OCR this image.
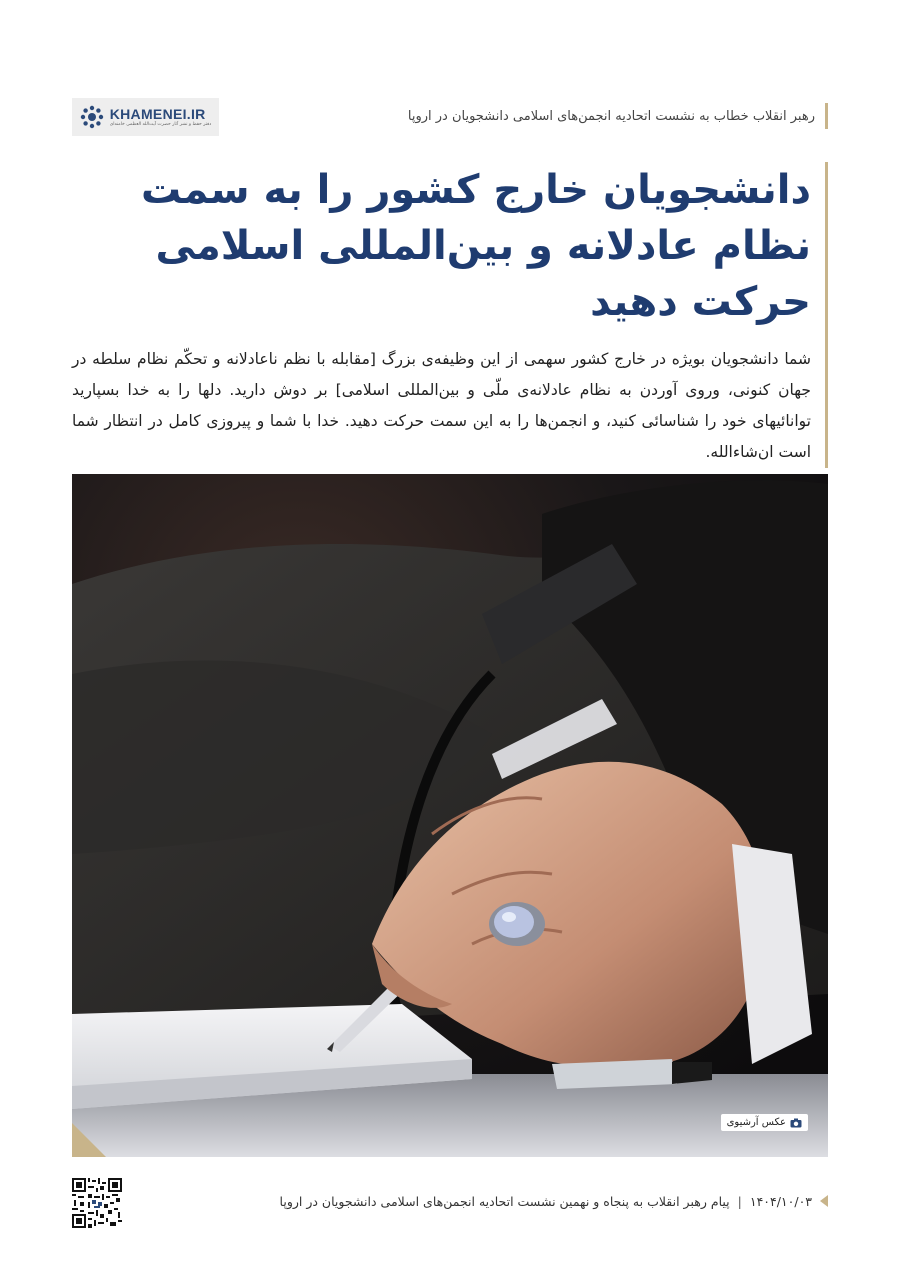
رهبر انقلاب خطاب به نشست اتحادیه انجمن‌های اسلامی دانشجویان در اروپا
KHAMENEI.IR
دفتر حفظ و نشر آثار حضرت آیت‌الله العظمی خامنه‌ای
دانشجویان خارج کشور را به سمت نظام عادلانه و بین‌المللی اسلامی حرکت دهید

شما دانشجویان بویژه در خارج کشور سهمی از این وظیفه‌ی بزرگ [مقابله با نظم ناعادلانه و تحکّم نظام سلطه در جهان کنونی، وروی آوردن به نظام عادلانه‌ی ملّی و بین‌المللی اسلامی] بر دوش دارید. دلها را به خدا بسپارید توانائیهای خود را شناسائی کنید، و انجمن‌ها را به این سمت حرکت دهید. خدا با شما و پیروزی کامل در انتظار شما است ان‌شاءالله.

عکس آرشیوی
۱۴۰۴/۱۰/۰۳
|
پیام رهبر انقلاب به پنجاه و نهمین نشست اتحادیه انجمن‌های اسلامی دانشجویان در اروپا
